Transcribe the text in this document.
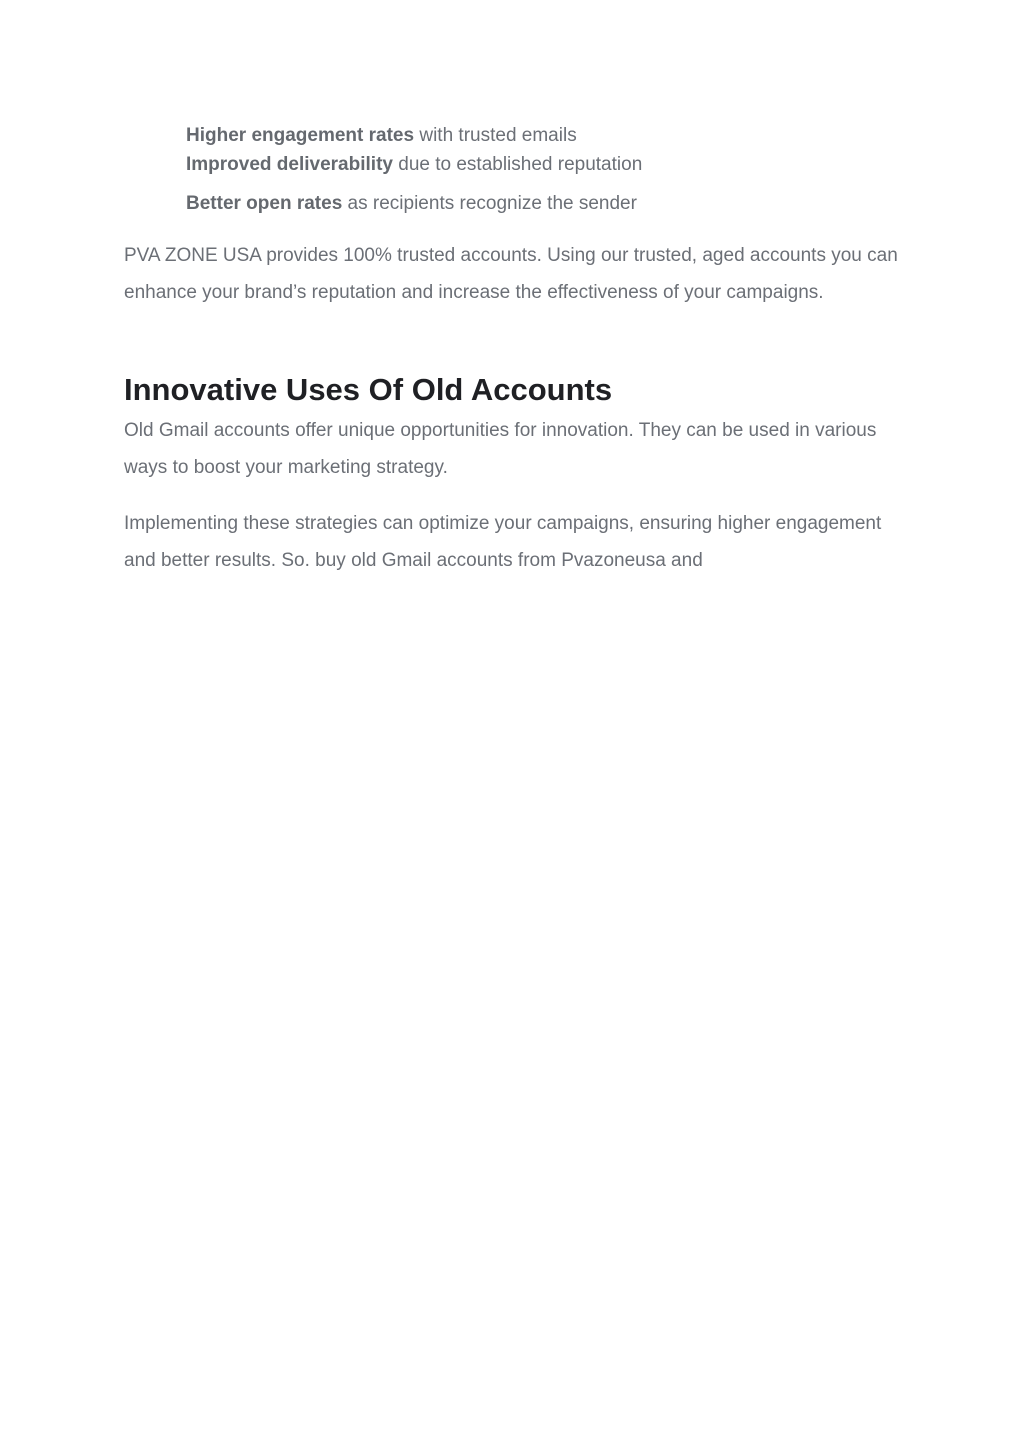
Higher engagement rates with trusted emails
Improved deliverability due to established reputation
Better open rates as recipients recognize the sender

PVA ZONE USA provides 100% trusted accounts. Using our trusted, aged accounts you can enhance your brand’s reputation and increase the effectiveness of your campaigns.

Innovative Uses Of Old Accounts

Old Gmail accounts offer unique opportunities for innovation. They can be used in various ways to boost your marketing strategy.

Implementing these strategies can optimize your campaigns, ensuring higher engagement and better results. So. buy old Gmail accounts from Pvazoneusa and
